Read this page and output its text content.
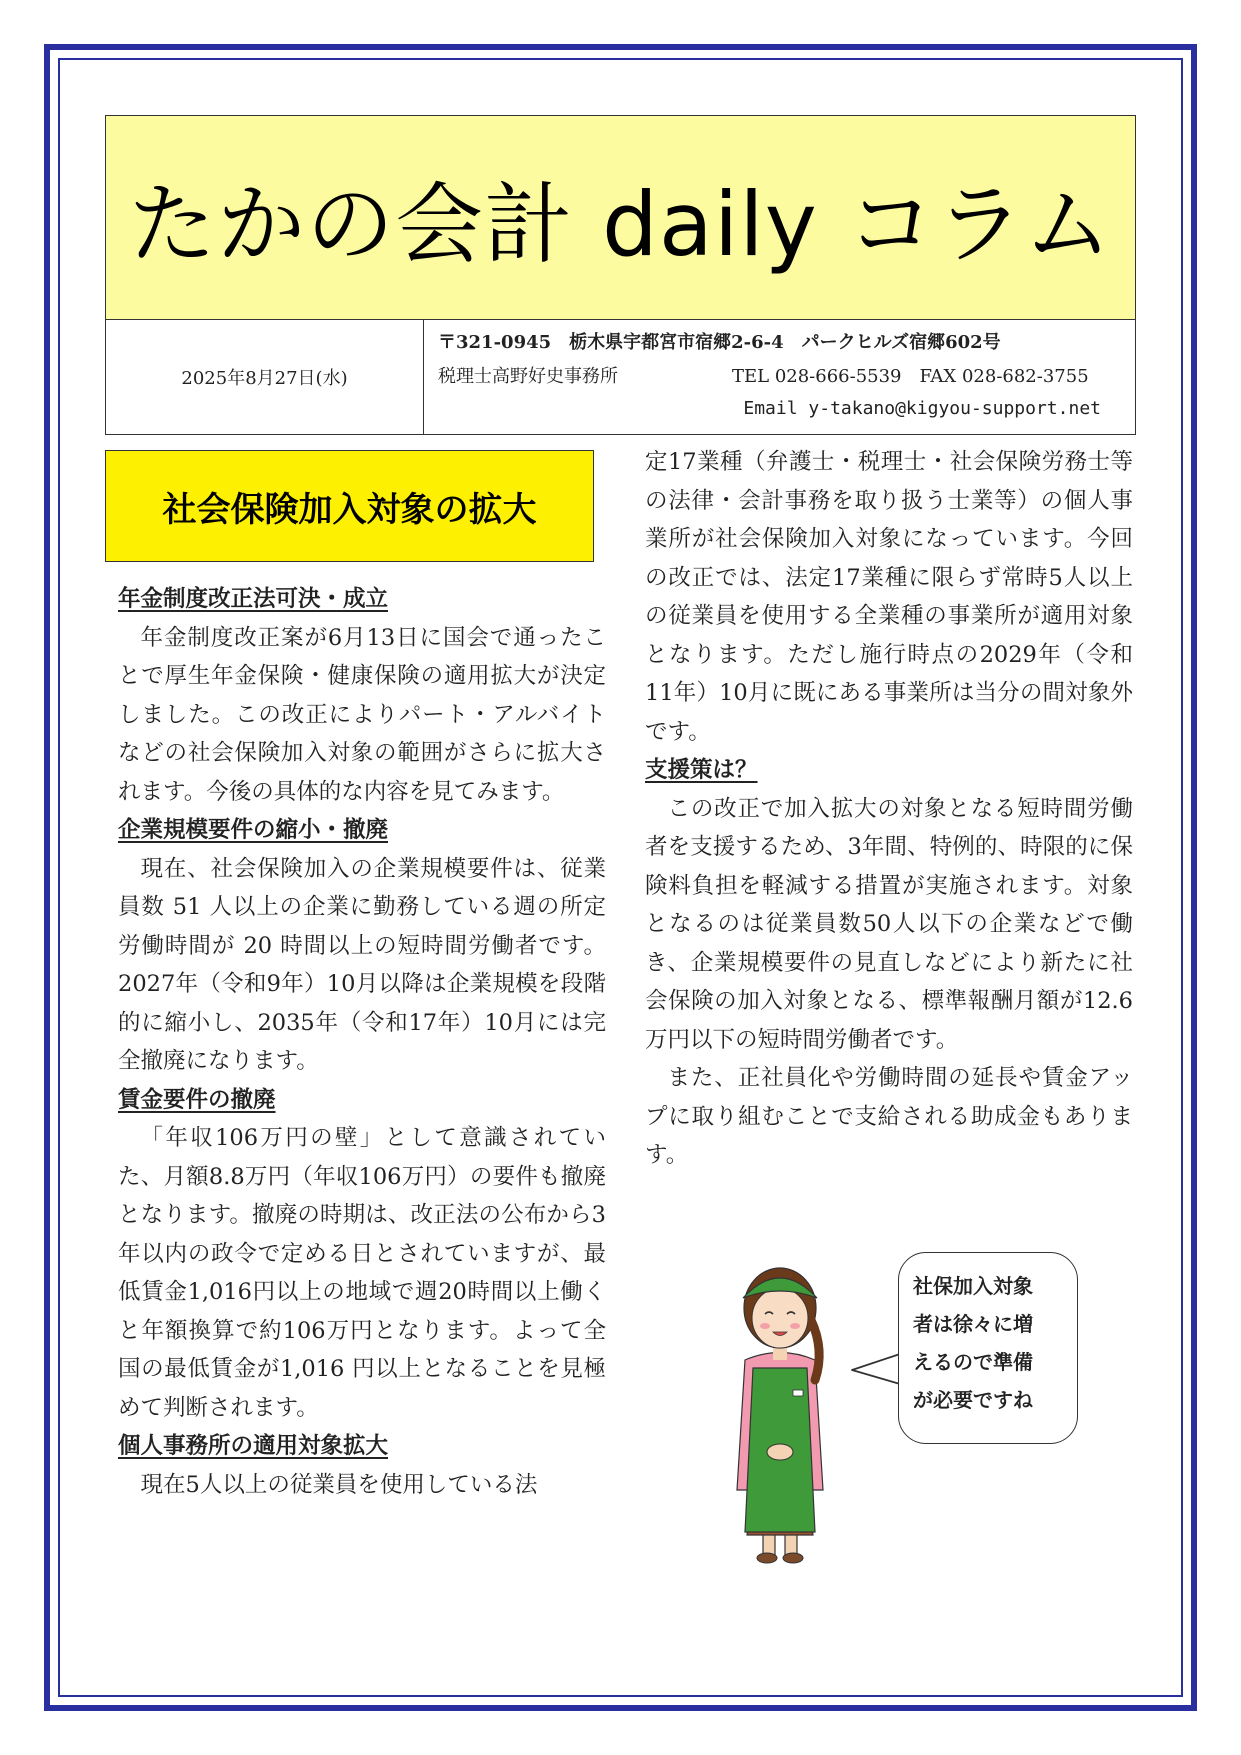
たかの会計 daily コラム
2025年8月27日(水)
〒321-0945　栃木県宇都宮市宿郷2-6-4　パークヒルズ宿郷602号
税理士高野好史事務所	TEL 028-666-5539　FAX 028-682-3755
Email y-takano@kigyou-support.net
社会保険加入対象の拡大
年金制度改正法可決・成立

年金制度改正案が6月13日に国会で通ったことで厚生年金保険・健康保険の適用拡大が決定しました。この改正によりパート・アルバイトなどの社会保険加入対象の範囲がさらに拡大されます。今後の具体的な内容を見てみます。

企業規模要件の縮小・撤廃

現在、社会保険加入の企業規模要件は、従業員数 51 人以上の企業に勤務している週の所定労働時間が 20 時間以上の短時間労働者です。2027年（令和9年）10月以降は企業規模を段階的に縮小し、2035年（令和17年）10月には完全撤廃になります。

賃金要件の撤廃

「年収106万円の壁」として意識されていた、月額8.8万円（年収106万円）の要件も撤廃となります。撤廃の時期は、改正法の公布から3年以内の政令で定める日とされていますが、最低賃金1,016円以上の地域で週20時間以上働くと年額換算で約106万円となります。よって全国の最低賃金が1,016 円以上となることを見極めて判断されます。

個人事務所の適用対象拡大

現在5人以上の従業員を使用している法

定17業種（弁護士・税理士・社会保険労務士等の法律・会計事務を取り扱う士業等）の個人事業所が社会保険加入対象になっています。今回の改正では、法定17業種に限らず常時5人以上の従業員を使用する全業種の事業所が適用対象となります。ただし施行時点の2029年（令和11年）10月に既にある事業所は当分の間対象外です。

支援策は？

この改正で加入拡大の対象となる短時間労働者を支援するため、3年間、特例的、時限的に保険料負担を軽減する措置が実施されます。対象となるのは従業員数50人以下の企業などで働き、企業規模要件の見直しなどにより新たに社会保険の加入対象となる、標準報酬月額が12.6万円以下の短時間労働者です。

また、正社員化や労働時間の延長や賃金アップに取り組むことで支給される助成金もあります。

社保加入対象
者は徐々に増
えるので準備
が必要ですね
